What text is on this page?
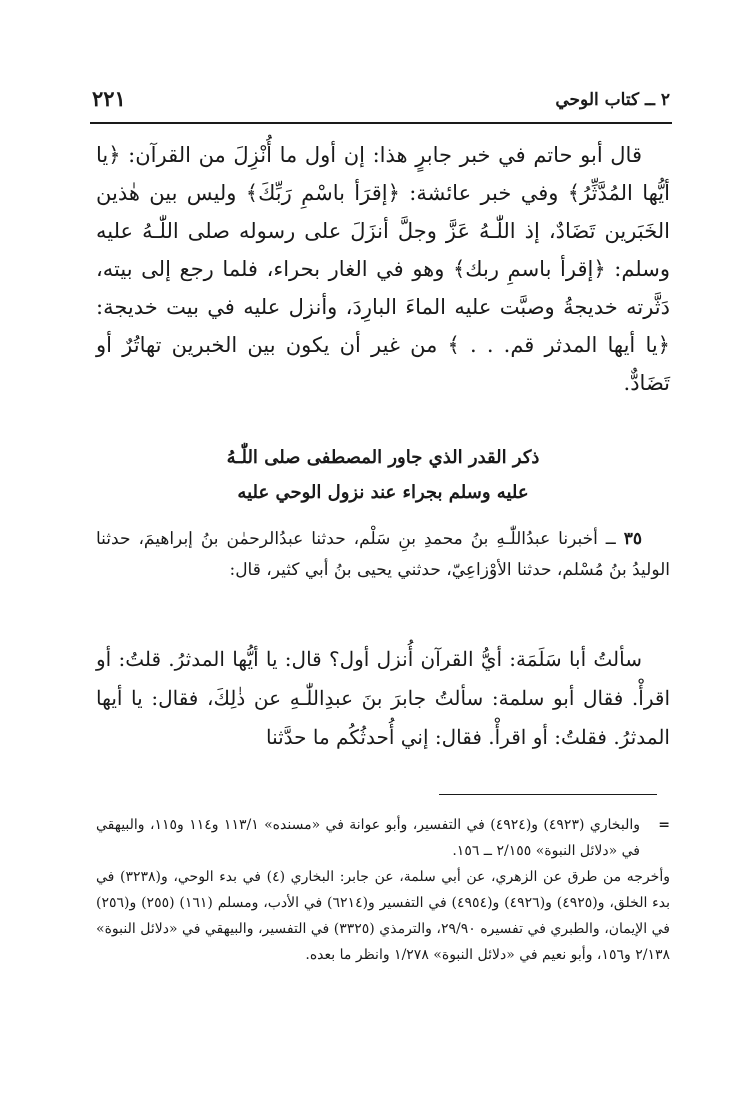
٢ ــ كتاب الوحي
٢٢١

قال أبو حاتم في خبر جابرٍ هذا: إن أول ما أُنْزِلَ من القرآن: ﴿يا أيُّها المُدَّثِّرُ﴾ وفي خبر عائشة: ﴿إقرَأ باسْمِ رَبِّكَ﴾ وليس بين هٰذين الخَبَرين تَضَادٌ، إذ اللّٰـهُ عَزَّ وجلَّ أنزَلَ على رسوله صلى اللّٰـهُ عليه وسلم: ﴿إقرأ باسمِ ربك﴾ وهو في الغار بحراء، فلما رجع إلى بيته، دَثَّرته خديجةُ وصبَّت عليه الماءَ البارِدَ، وأنزل عليه في بيت خديجة: ﴿يا أيها المدثر قم. . . ﴾ من غير أن يكون بين الخبرين تهاتُرٌ أو تَضَادٌّ.

ذكر القدر الذي جاور المصطفى صلى اللّٰـهُ
عليه وسلم بجراء عند نزول الوحي عليه

٣٥ ــ أخبرنا عبدُاللّٰـهِ بنُ محمدِ بنِ سَلْم، حدثنا عبدُالرحمٰن بنُ إبراهيمَ، حدثنا الوليدُ بنُ مُسْلم، حدثنا الأوْزاعِيّ، حدثني يحيى بنُ أبي كثير، قال:

سألتُ أبا سَلَمَة: أيُّ القرآن أُنزل أول؟ قال: يا أيُّها المدثرُ. قلتُ: أو اقرأْ. فقال أبو سلمة: سألتُ جابرَ بنَ عبدِاللّٰـهِ عن ذٰلِكَ، فقال: يا أيها المدثرُ. فقلتُ: أو اقرأْ. فقال: إني أُحدثُكُم ما حدَّثنا

=
والبخاري (٤٩٢٣) و(٤٩٢٤) في التفسير، وأبو عوانة في «مسنده» ١١٣/١ و١١٤ و١١٥، والبيهقي في «دلائل النبوة» ٢/١٥٥ ــ ١٥٦.

وأخرجه من طرق عن الزهري، عن أبي سلمة، عن جابر: البخاري (٤) في بدء الوحي، و(٣٢٣٨) في بدء الخلق، و(٤٩٢٥) و(٤٩٢٦) و(٤٩٥٤) في التفسير و(٦٢١٤) في الأدب، ومسلم (١٦١) (٢٥٥) و(٢٥٦) في الإيمان، والطبري في تفسيره ٢٩/٩٠، والترمذي (٣٣٢٥) في التفسير، والبيهقي في «دلائل النبوة» ٢/١٣٨ و١٥٦، وأبو نعيم في «دلائل النبوة» ١/٢٧٨ وانظر ما بعده.
